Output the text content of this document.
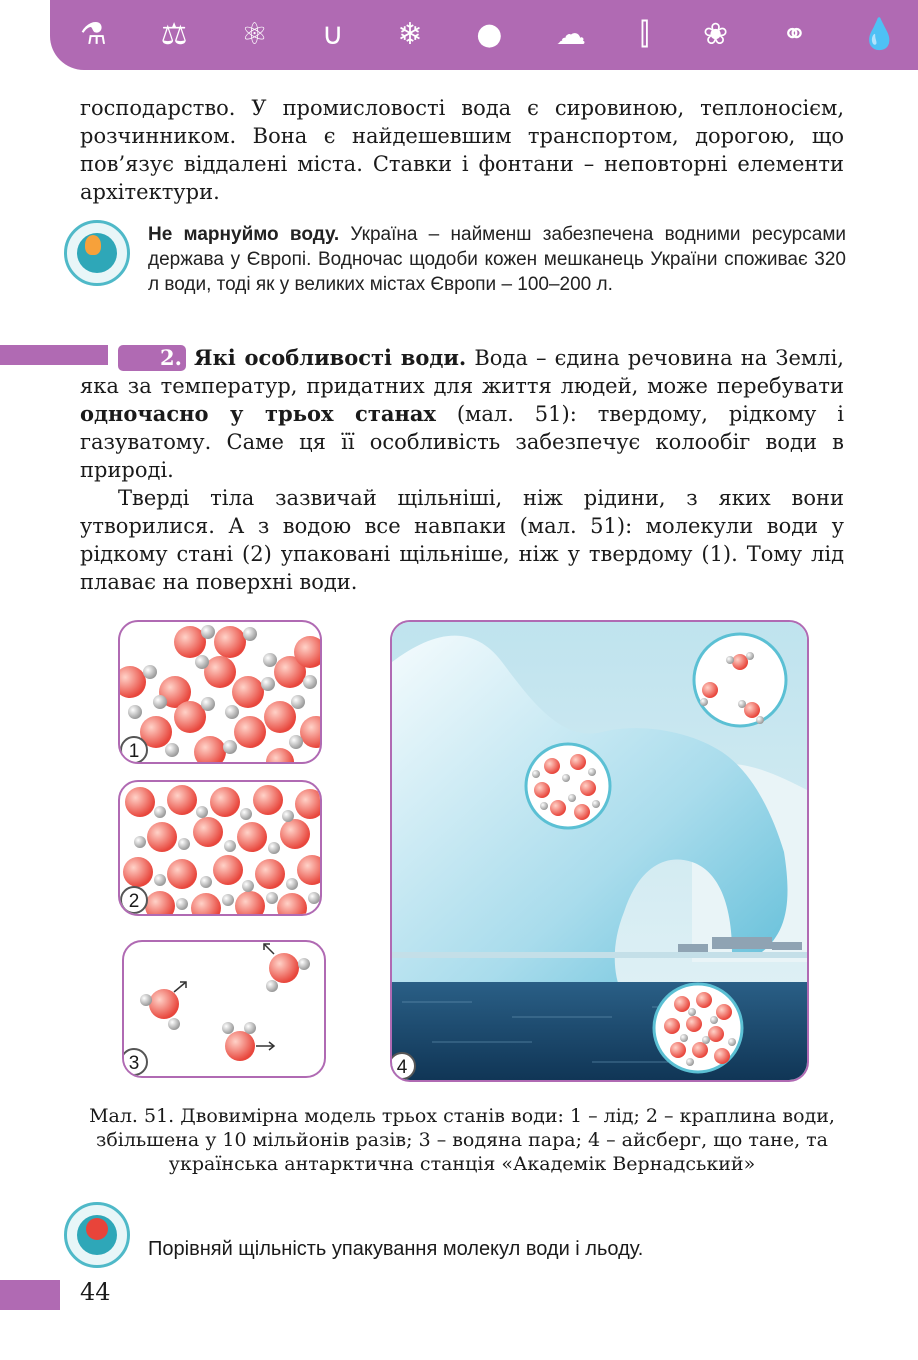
⚗ ⚖ ⚛ ∪ ❄ ● ☁ ⫿ ❀ ⚭ 💧

господарство. У промисловості вода є сировиною, теплоносієм, розчинником. Вона є найдешевшим транспортом, дорогою, що пов’язує віддалені міста. Ставки і фонтани – неповторні елементи архітектури.

Не марнуймо воду. Україна – найменш забезпечена водними ресурсами держава у Європі. Водночас щодоби кожен мешканець України споживає 320 л води, тоді як у великих містах Європи – 100–200 л.

2. Які особливості води. Вода – єдина речовина на Землі, яка за температур, придатних для життя людей, може перебувати одночасно у трьох станах (мал. 51): твердому, рідкому і газуватому. Саме ця її особливість забезпечує колообіг води в природі.

Тверді тіла зазвичай щільніші, ніж рідини, з яких вони утворилися. А з водою все навпаки (мал. 51): молекули води у рідкому стані (2) упаковані щільніше, ніж у твердому (1). Тому лід плаває на поверхні води.

1
2
3	4
Мал. 51. Двовимірна модель трьох станів води: 1 – лід; 2 – краплина води, збільшена у 10 мільйонів разів; 3 – водяна пара; 4 – айсберг, що тане, та українська антарктична станція «Академік Вернадський»
Порівняй щільність упакування молекул води і льоду.
44
